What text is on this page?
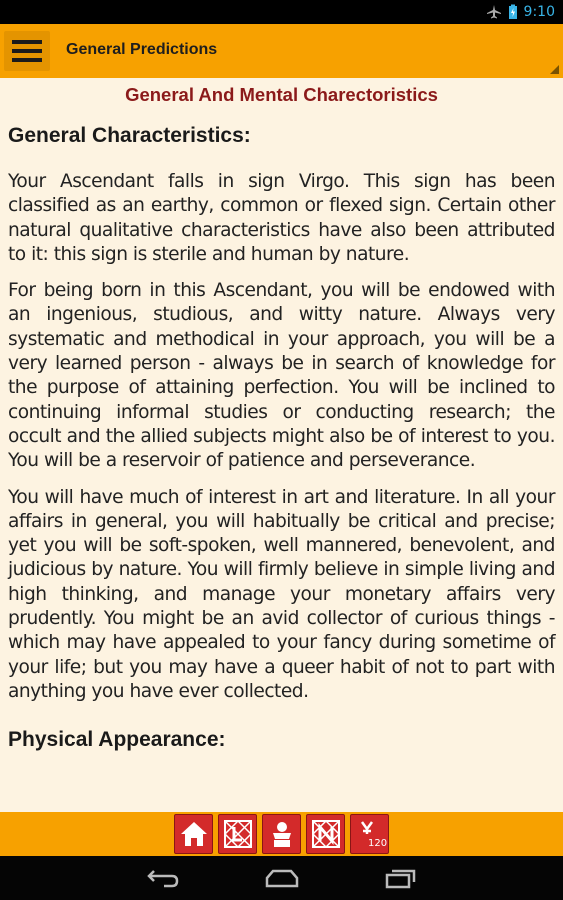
9:10
General Predictions
General And Mental Charectoristics
General Characteristics:

Your Ascendant falls in sign Virgo. This sign has been classified as an earthy, common or flexed sign. Certain other natural qualitative characteristics have also been attributed to it: this sign is sterile and human by nature.

For being born in this Ascendant, you will be endowed with an ingenious, studious, and witty nature. Always very systematic and methodical in your approach, you will be a very learned person - always be in search of knowledge for the purpose of attaining perfection. You will be inclined to continuing informal studies or conducting research; the occult and the allied subjects might also be of interest to you. You will be a reservoir of patience and perseverance.

You will have much of interest in art and literature. In all your affairs in general, you will habitually be critical and precise; yet you will be soft-spoken, well mannered, benevolent, and judicious by nature. You will firmly believe in simple living and high thinking, and manage your monetary affairs very prudently. You might be an avid collector of curious things - which may have appealed to your fancy during sometime of your life; but you may have a queer habit of not to part with anything you have ever collected.

Physical Appearance:
120
